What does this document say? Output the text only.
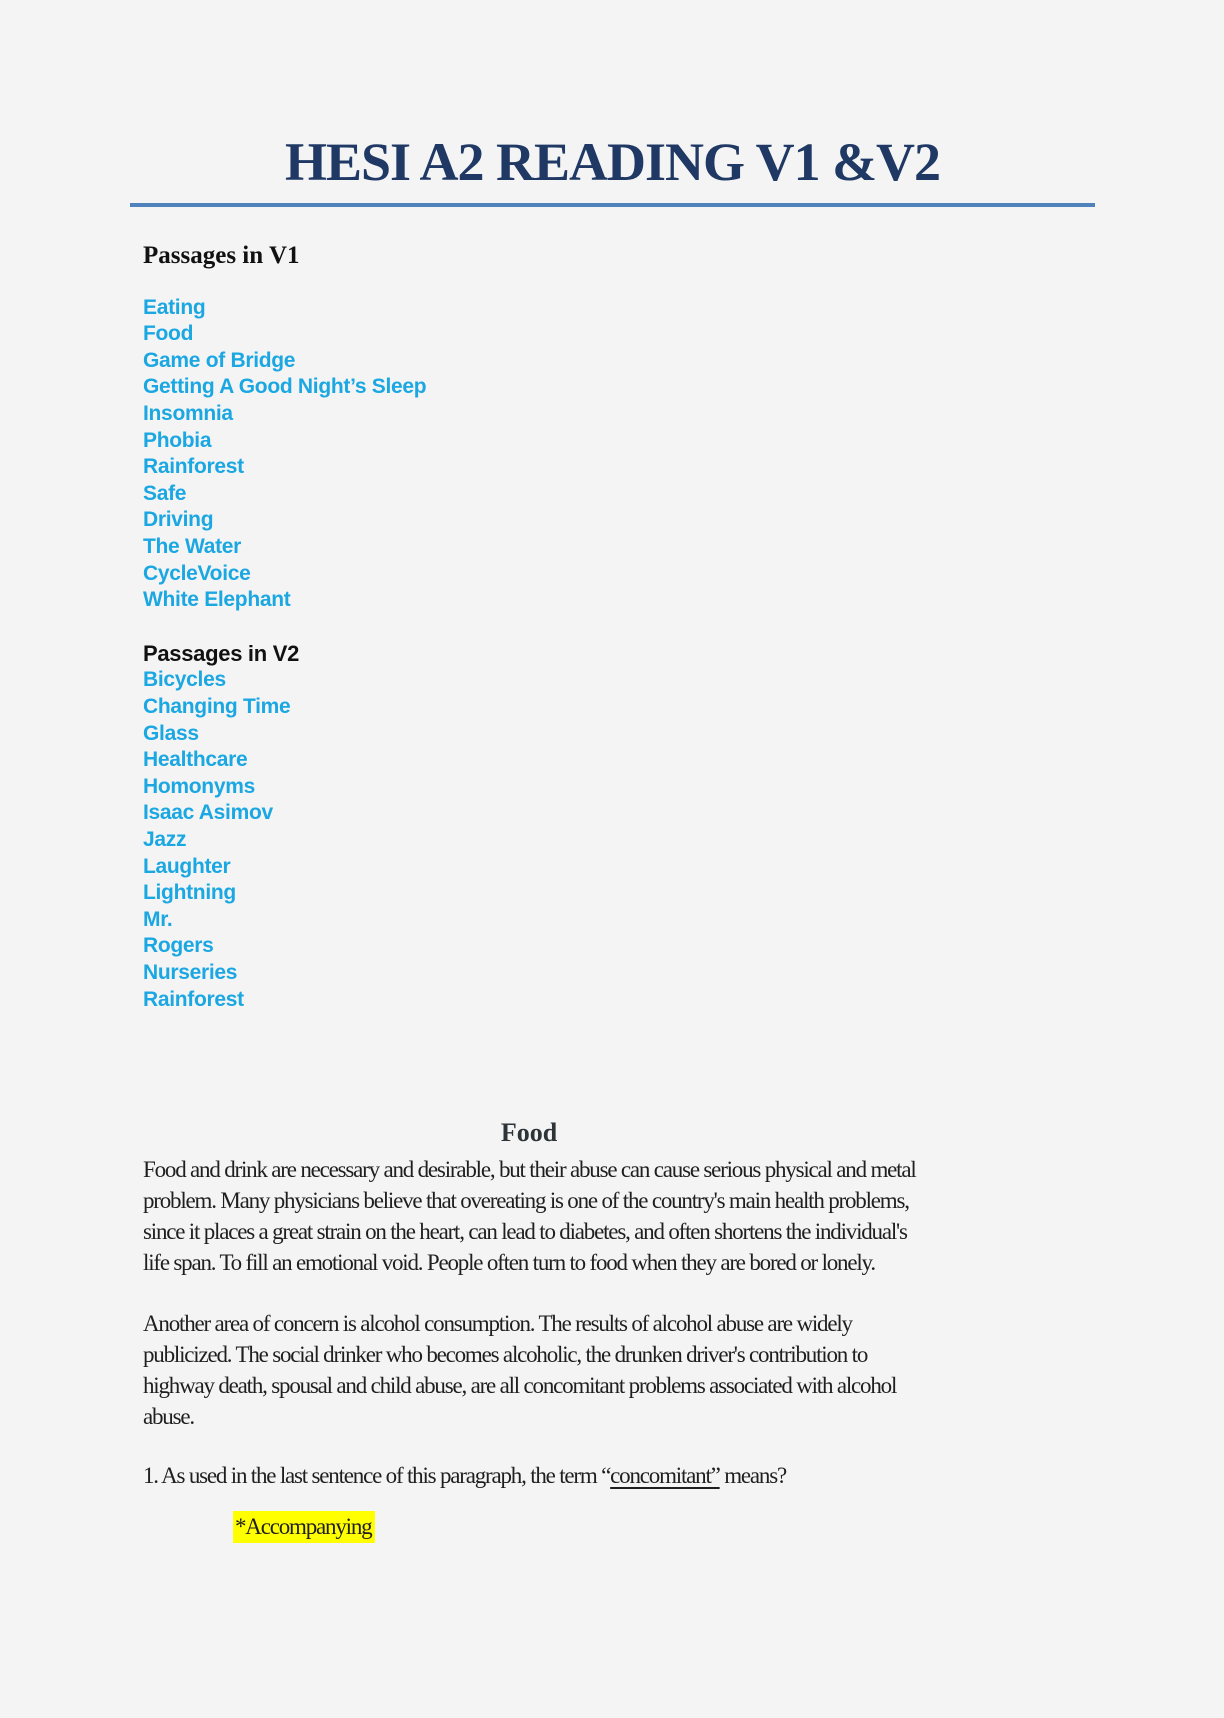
HESI A2 READING V1 &V2
Passages in V1
Eating
Food
Game of Bridge
Getting A Good Night’s Sleep
Insomnia
Phobia
Rainforest
Safe
Driving
The Water
CycleVoice
White Elephant
Passages in V2
Bicycles
Changing Time
Glass
Healthcare
Homonyms
Isaac Asimov
Jazz
Laughter
Lightning
Mr.
Rogers
Nurseries
Rainforest
Food
Food and drink are necessary and desirable, but their abuse can cause serious physical and metal
problem. Many physicians believe that overeating is one of the country's main health problems,
since it places a great strain on the heart, can lead to diabetes, and often shortens the individual's
life span. To fill an emotional void. People often turn to food when they are bored or lonely.
Another area of concern is alcohol consumption. The results of alcohol abuse are widely
publicized. The social drinker who becomes alcoholic, the drunken driver's contribution to
highway death, spousal and child abuse, are all concomitant problems associated with alcohol
abuse.
1. As used in the last sentence of this paragraph, the term “concomitant” means?
*Accompanying
